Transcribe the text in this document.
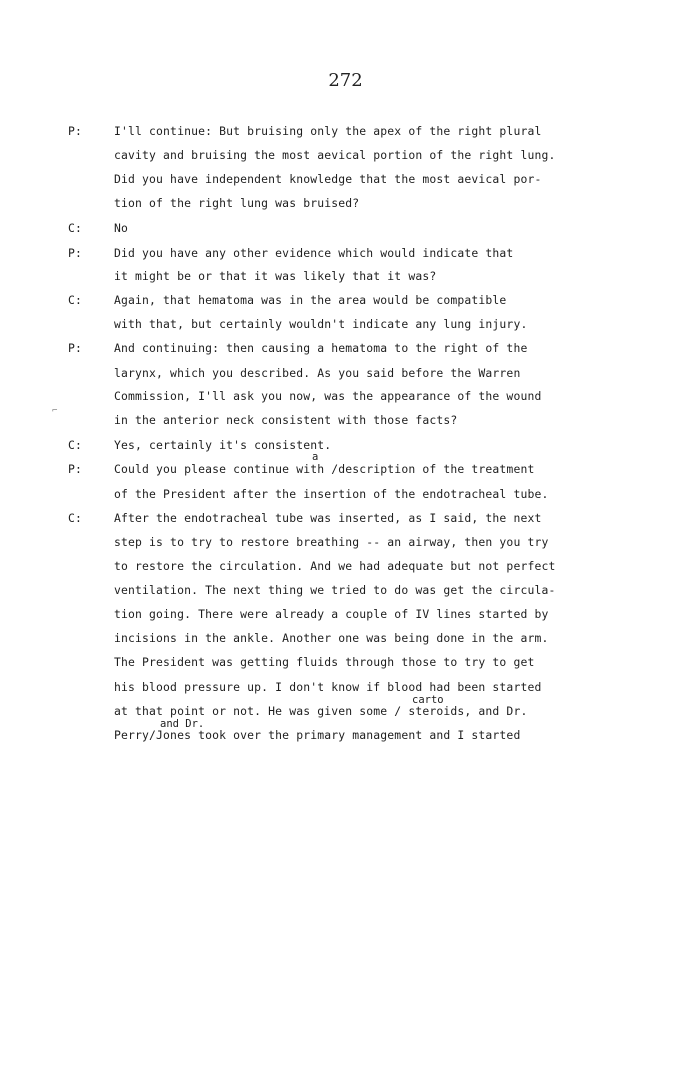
272
P:	I'll continue: But bruising only the apex of the right plural
cavity and bruising the most aevical portion of the right lung.
Did you have independent knowledge that the most aevical por-
tion of the right lung was bruised?
C:	No
P:	Did you have any other evidence which would indicate that
it might be or that it was likely that it was?
C:	Again, that hematoma was in the area would be compatible
with that, but certainly wouldn't indicate any lung injury.
P:	And continuing: then causing a hematoma to the right of the
larynx, which you described. As you said before the Warren
Commission, I'll ask you now, was the appearance of the wound
in the anterior neck consistent with those facts?
C:	Yes, certainly it's consistent.
P:	Could you please continue with /description of the treatment
of the President after the insertion of the endotracheal tube.
C:	After the endotracheal tube was inserted, as I said, the next
step is to try to restore breathing -- an airway, then you try
to restore the circulation. And we had adequate but not perfect
ventilation. The next thing we tried to do was get the circula-
tion going. There were already a couple of IV lines started by
incisions in the ankle. Another one was being done in the arm.
The President was getting fluids through those to try to get
his blood pressure up. I don't know if blood had been started
at that point or not. He was given some / steroids, and Dr.
Perry/Jones took over the primary management and I started
a
carto
and Dr.
⌐
